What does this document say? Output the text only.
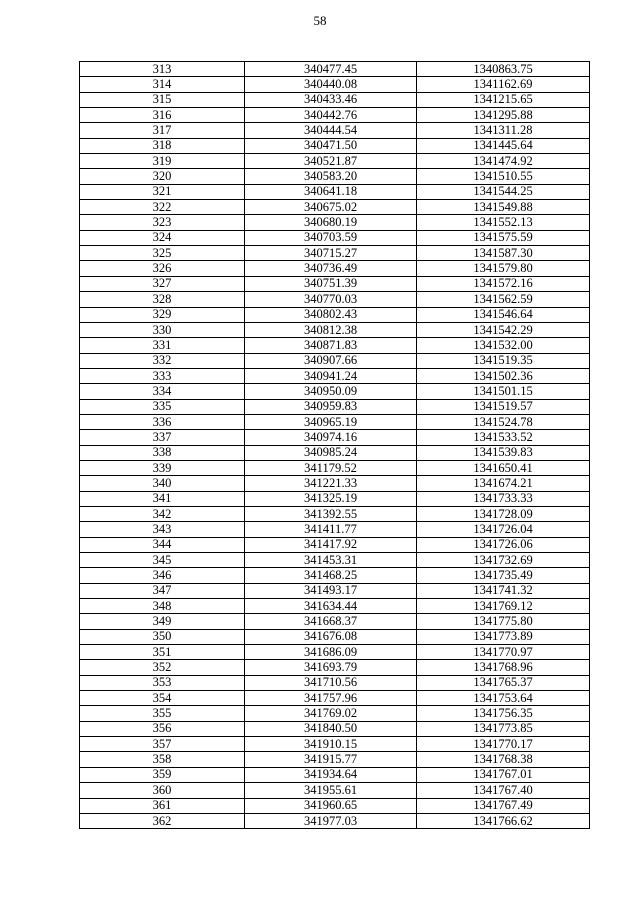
58
313	340477.45	1340863.75
314	340440.08	1341162.69
315	340433.46	1341215.65
316	340442.76	1341295.88
317	340444.54	1341311.28
318	340471.50	1341445.64
319	340521.87	1341474.92
320	340583.20	1341510.55
321	340641.18	1341544.25
322	340675.02	1341549.88
323	340680.19	1341552.13
324	340703.59	1341575.59
325	340715.27	1341587.30
326	340736.49	1341579.80
327	340751.39	1341572.16
328	340770.03	1341562.59
329	340802.43	1341546.64
330	340812.38	1341542.29
331	340871.83	1341532.00
332	340907.66	1341519.35
333	340941.24	1341502.36
334	340950.09	1341501.15
335	340959.83	1341519.57
336	340965.19	1341524.78
337	340974.16	1341533.52
338	340985.24	1341539.83
339	341179.52	1341650.41
340	341221.33	1341674.21
341	341325.19	1341733.33
342	341392.55	1341728.09
343	341411.77	1341726.04
344	341417.92	1341726.06
345	341453.31	1341732.69
346	341468.25	1341735.49
347	341493.17	1341741.32
348	341634.44	1341769.12
349	341668.37	1341775.80
350	341676.08	1341773.89
351	341686.09	1341770.97
352	341693.79	1341768.96
353	341710.56	1341765.37
354	341757.96	1341753.64
355	341769.02	1341756.35
356	341840.50	1341773.85
357	341910.15	1341770.17
358	341915.77	1341768.38
359	341934.64	1341767.01
360	341955.61	1341767.40
361	341960.65	1341767.49
362	341977.03	1341766.62
